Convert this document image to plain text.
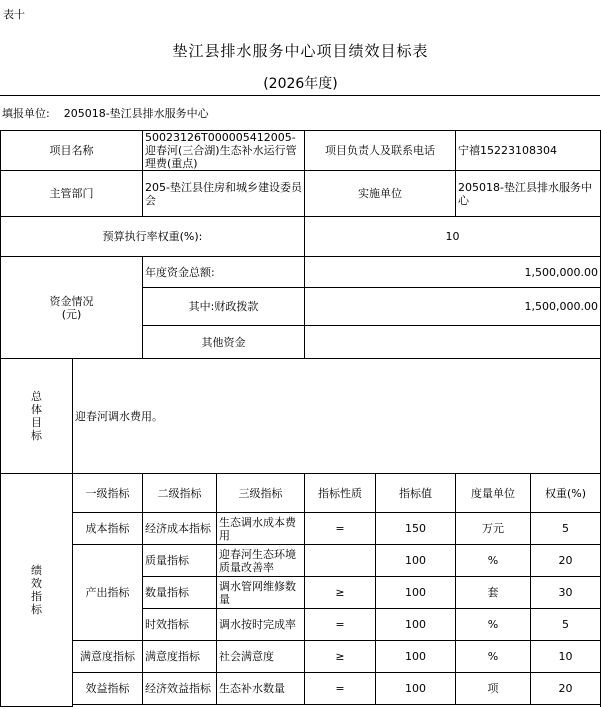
表十
垫江县排水服务中心项目绩效目标表
(2026年度)
填报单位: 205018-垫江县排水服务中心
项目名称		50023126T000005412005-迎春河(三合湖)生态补水运行管理费(重点)		项目负责人及联系电话		宁禧15223108304	
主管部门		205-垫江县住房和城乡建设委员会		实施单位		205018-垫江县排水服务中心	
预算执行率权重(%):				10			

资金情况
(元)		年度资金总额:		1,500,000.00			
		其中:财政拨款		1,500,000.00			
		其他资金					

总
体
目
标	迎春河调水费用。						

绩
效
指
标	一级指标	二级指标	三级指标	指标性质	指标值	度量单位	权重(%)
	成本指标	经济成本指标	生态调水成本费用	=	150	万元	5
	产出指标	质量指标	迎春河生态环境质量改善率		100	%	20
		数量指标	调水管网维修数量	≥	100	套	30
		时效指标	调水按时完成率	=	100	%	5
	满意度指标	满意度指标	社会满意度	≥	100	%	10
	效益指标	经济效益指标	生态补水数量	=	100	项	20
